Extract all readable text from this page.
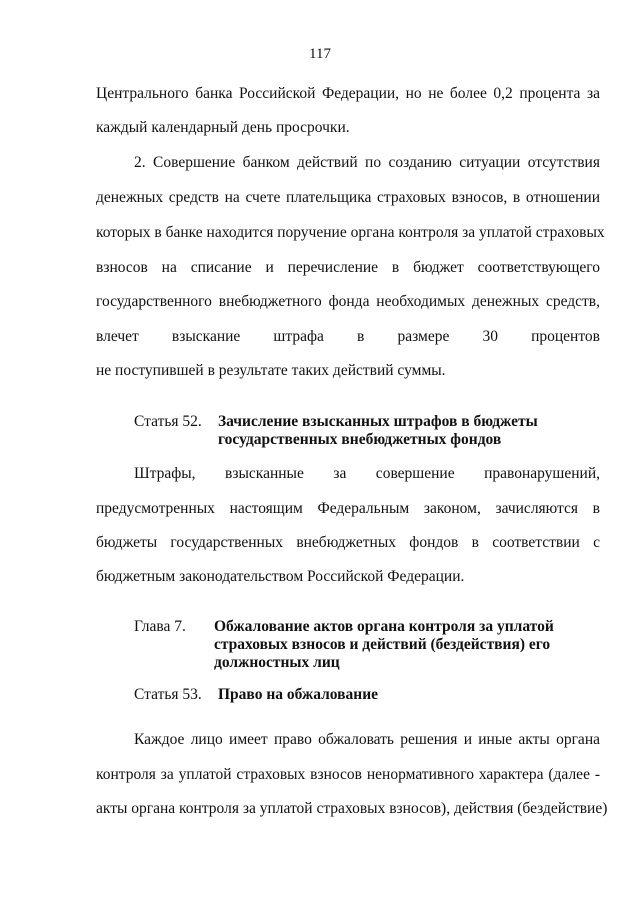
117
Центрального банка Российской Федерации, но не более 0,2 процента за
каждый календарный день просрочки.
2. Совершение банком действий по созданию ситуации отсутствия
денежных средств на счете плательщика страховых взносов, в отношении
которых в банке находится поручение органа контроля за уплатой страховых
взносов на списание и перечисление в бюджет соответствующего
государственного внебюджетного фонда необходимых денежных средств,
влечет взыскание штрафа в размере 30 процентов
не поступившей в результате таких действий суммы.
Статья 52. Зачисление взысканных штрафов в бюджеты
государственных внебюджетных фондов
Штрафы, взысканные за совершение правонарушений,
предусмотренных настоящим Федеральным законом, зачисляются в
бюджеты государственных внебюджетных фондов в соответствии с
бюджетным законодательством Российской Федерации.
Глава 7. Обжалование актов органа контроля за уплатой
страховых взносов и действий (бездействия) его
должностных лиц
Статья 53. Право на обжалование
Каждое лицо имеет право обжаловать решения и иные акты органа
контроля за уплатой страховых взносов ненормативного характера (далее -
акты органа контроля за уплатой страховых взносов), действия (бездействие)
